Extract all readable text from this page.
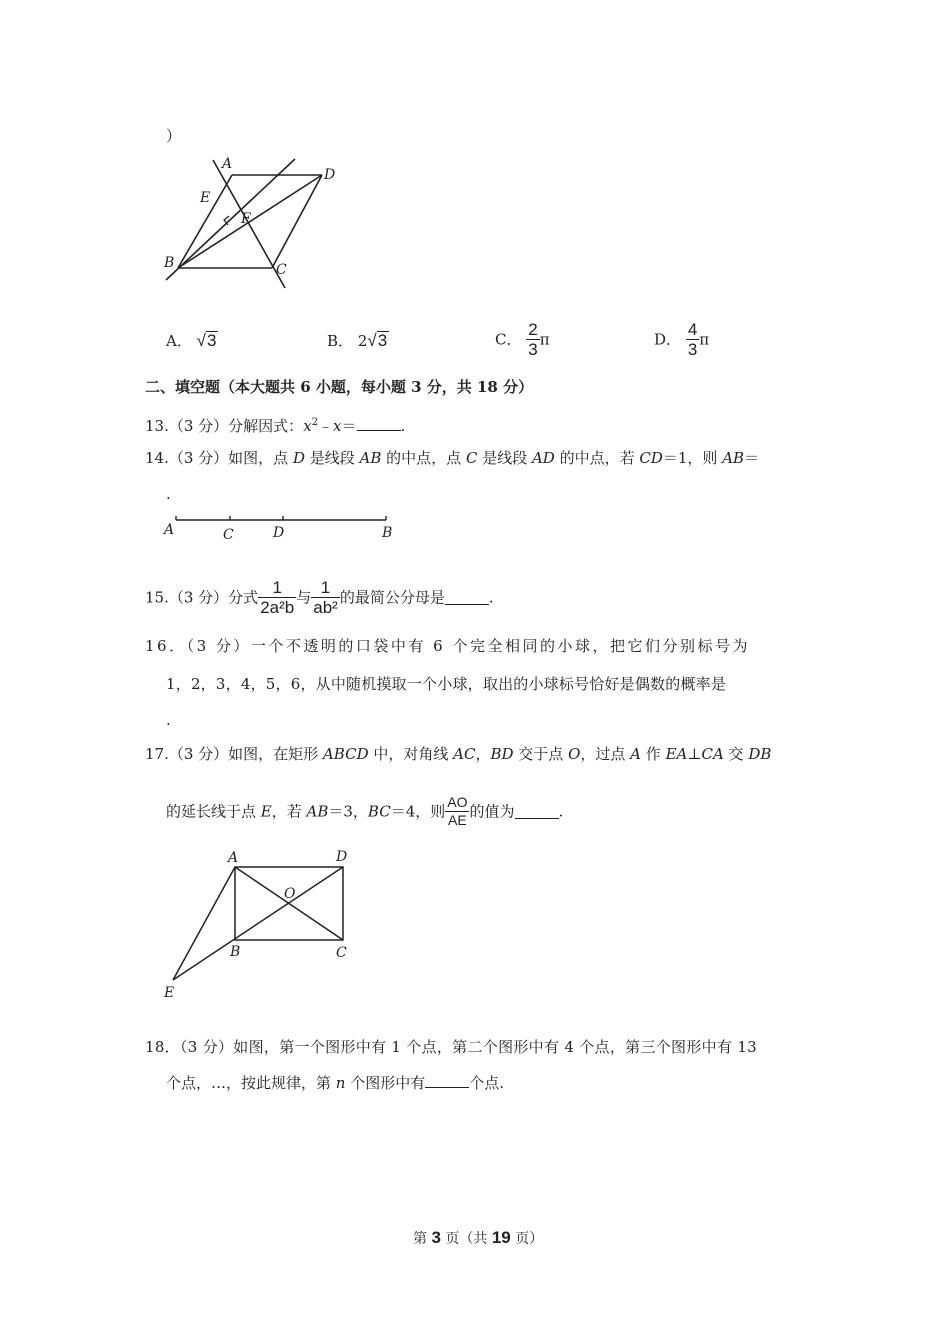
）
A
D
E
F
B	C
A． √3	B． 2√3	C． $\frac{2}{3}$ π	D． $\frac{4}{3}$ π
二、填空题（本大题共 6 小题，每小题 3 分，共 18 分）
13.（3 分）分解因式：$x^2﹣x=$	.
14.（3 分）如图，点 D 是线段 AB 的中点，点 C 是线段 AD 的中点，若 CD＝1，则 AB＝
.
A	C	D	B
15.（3 分）分式 $\frac{1}{\text{2a²b}}$ 与 $\frac{1}{\text{ab²}}$ 的最简公分母是	.
16．（3 分）一个不透明的口袋中有 6 个完全相同的小球，把它们分别标号为
1，2，3，4，5，6，从中随机摸取一个小球，取出的小球标号恰好是偶数的概率是
.
17.（3 分）如图，在矩形 ABCD 中，对角线 AC，BD 交于点 O，过点 A 作 EA⊥CA 交 DB
的延长线于点 E，若 AB＝3，BC＝4，则 $\frac{AO}{AE}$ 的值为	.
A	D
O
B	C
E
18．（3 分）如图，第一个图形中有 1 个点，第二个图形中有 4 个点，第三个图形中有 13
个点，…，按此规律，第 n 个图形中有	个点.
第 3 页（共 19 页）
